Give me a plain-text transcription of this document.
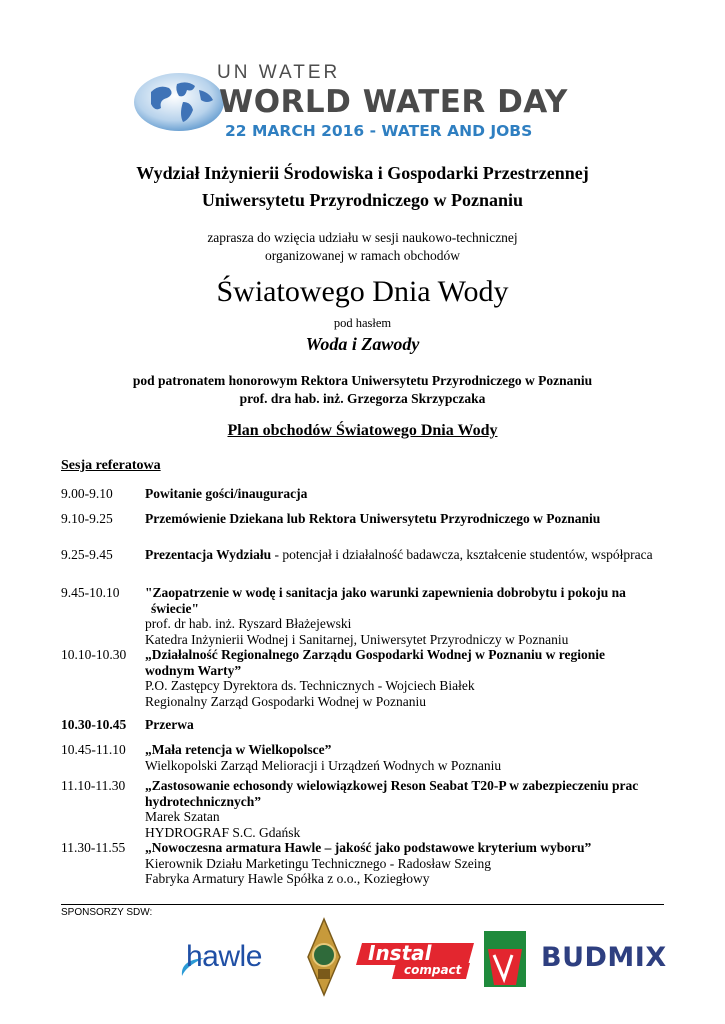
UN WATER
WORLD WATER DAY
22 MARCH 2016 - WATER AND JOBS
Wydział Inżynierii Środowiska i Gospodarki Przestrzennej
Uniwersytetu Przyrodniczego w Poznaniu
zaprasza do wzięcia udziału w sesji naukowo-technicznej
organizowanej w ramach obchodów
Światowego Dnia Wody
pod hasłem
Woda i Zawody
pod patronatem honorowym Rektora Uniwersytetu Przyrodniczego w Poznaniu
prof. dra hab. inż. Grzegorza Skrzypczaka
Plan obchodów Światowego Dnia Wody
Sesja referatowa
9.00-9.10	Powitanie gości/inauguracja
9.10-9.25	Przemówienie Dziekana lub Rektora Uniwersytetu Przyrodniczego w Poznaniu
9.25-9.45	Prezentacja Wydziału - potencjał i działalność badawcza, kształcenie studentów, współpraca
9.45-10.10	"Zaopatrzenie w wodę i sanitacja jako warunki zapewnienia dobrobytu i pokoju na
świecie"
prof. dr hab. inż. Ryszard Błażejewski
Katedra Inżynierii Wodnej i Sanitarnej, Uniwersytet Przyrodniczy w Poznaniu
10.10-10.30	„Działalność Regionalnego Zarządu Gospodarki Wodnej w Poznaniu w regionie
wodnym Warty”
P.O. Zastępcy Dyrektora ds. Technicznych - Wojciech Białek
Regionalny Zarząd Gospodarki Wodnej w Poznaniu
10.30-10.45	Przerwa
10.45-11.10	„Mała retencja w Wielkopolsce”
Wielkopolski Zarząd Melioracji i Urządzeń Wodnych w Poznaniu
11.10-11.30	„Zastosowanie echosondy wielowiązkowej Reson Seabat T20-P w zabezpieczeniu prac
hydrotechnicznych”
Marek Szatan
HYDROGRAF S.C. Gdańsk
11.30-11.55	„Nowoczesna armatura Hawle – jakość jako podstawowe kryterium wyboru”
Kierownik Działu Marketingu Technicznego - Radosław Szeing
Fabryka Armatury Hawle Spółka z o.o., Koziegłowy
SPONSORZY SDW:
hawle	Instal
compact	BUDMIX
